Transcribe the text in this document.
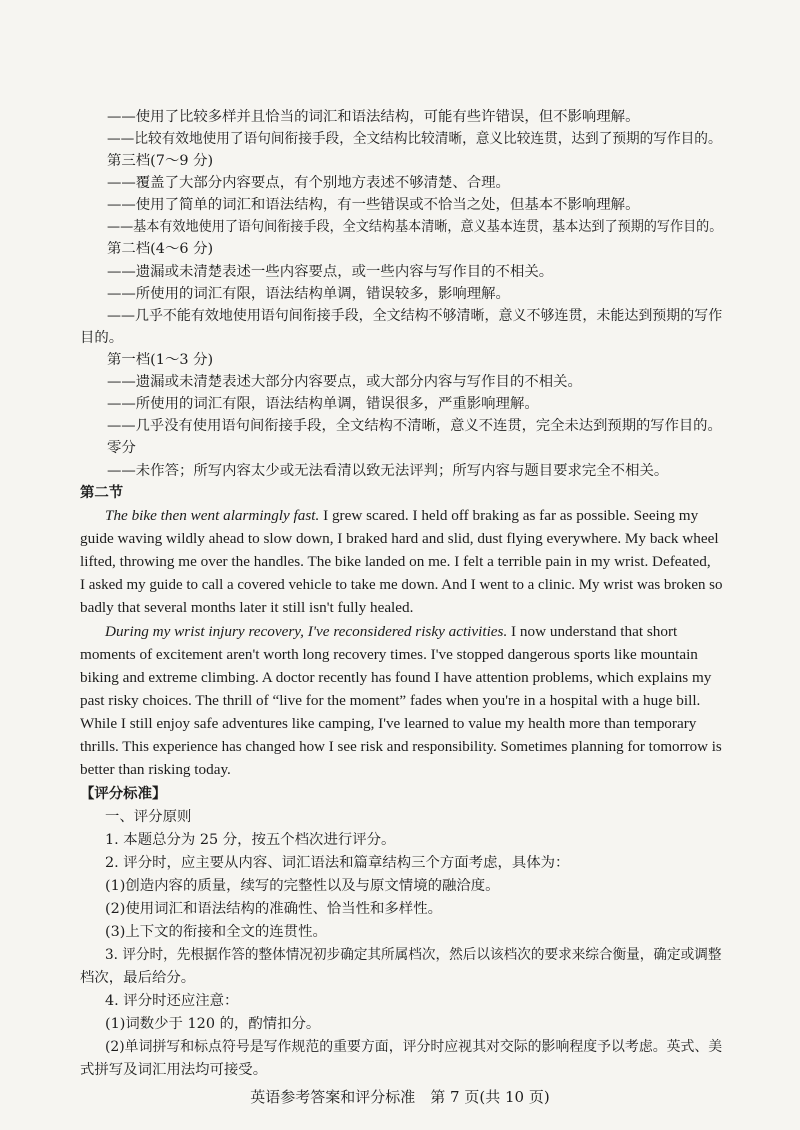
——使用了比较多样并且恰当的词汇和语法结构，可能有些许错误，但不影响理解。
——比较有效地使用了语句间衔接手段，全文结构比较清晰，意义比较连贯，达到了预期的写作目的。
第三档(7～9 分)
——覆盖了大部分内容要点，有个别地方表述不够清楚、合理。
——使用了简单的词汇和语法结构，有一些错误或不恰当之处，但基本不影响理解。
——基本有效地使用了语句间衔接手段，全文结构基本清晰，意义基本连贯，基本达到了预期的写作目的。
第二档(4～6 分)
——遗漏或未清楚表述一些内容要点，或一些内容与写作目的不相关。
——所使用的词汇有限，语法结构单调，错误较多，影响理解。
——几乎不能有效地使用语句间衔接手段，全文结构不够清晰，意义不够连贯，未能达到预期的写作
目的。
第一档(1～3 分)
——遗漏或未清楚表述大部分内容要点，或大部分内容与写作目的不相关。
——所使用的词汇有限，语法结构单调，错误很多，严重影响理解。
——几乎没有使用语句间衔接手段，全文结构不清晰，意义不连贯，完全未达到预期的写作目的。
零分
——未作答；所写内容太少或无法看清以致无法评判；所写内容与题目要求完全不相关。
第二节
The bike then went alarmingly fast. I grew scared. I held off braking as far as possible. Seeing my
guide waving wildly ahead to slow down, I braked hard and slid, dust flying everywhere. My back wheel
lifted, throwing me over the handles. The bike landed on me. I felt a terrible pain in my wrist. Defeated,
I asked my guide to call a covered vehicle to take me down. And I went to a clinic. My wrist was broken so
badly that several months later it still isn't fully healed.
During my wrist injury recovery, I've reconsidered risky activities. I now understand that short
moments of excitement aren't worth long recovery times. I've stopped dangerous sports like mountain
biking and extreme climbing. A doctor recently has found I have attention problems, which explains my
past risky choices. The thrill of “live for the moment” fades when you're in a hospital with a huge bill.
While I still enjoy safe adventures like camping, I've learned to value my health more than temporary
thrills. This experience has changed how I see risk and responsibility. Sometimes planning for tomorrow is
better than risking today.
【评分标准】
一、评分原则
1. 本题总分为 25 分，按五个档次进行评分。
2. 评分时，应主要从内容、词汇语法和篇章结构三个方面考虑，具体为：
(1)创造内容的质量，续写的完整性以及与原文情境的融洽度。
(2)使用词汇和语法结构的准确性、恰当性和多样性。
(3)上下文的衔接和全文的连贯性。
3. 评分时，先根据作答的整体情况初步确定其所属档次，然后以该档次的要求来综合衡量，确定或调整
档次，最后给分。
4. 评分时还应注意：
(1)词数少于 120 的，酌情扣分。
(2)单词拼写和标点符号是写作规范的重要方面，评分时应视其对交际的影响程度予以考虑。英式、美
式拼写及词汇用法均可接受。
英语参考答案和评分标准　第 7 页(共 10 页)
